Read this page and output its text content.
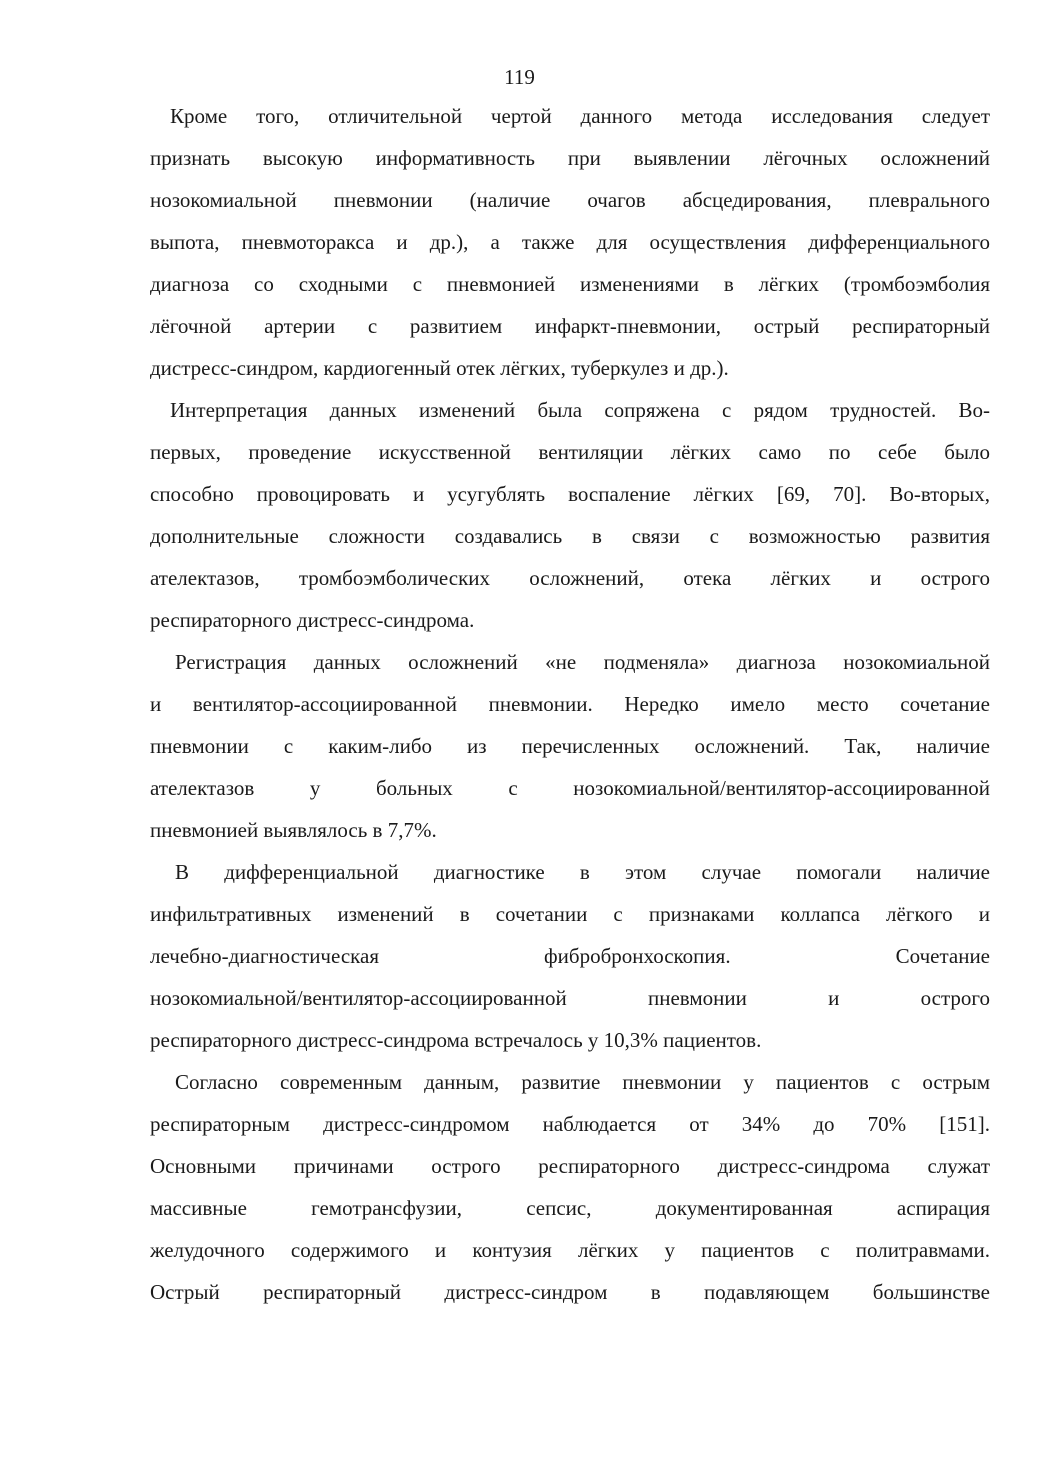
119
Кроме того, отличительной чертой данного метода исследования следует
признать высокую информативность при выявлении лёгочных осложнений
нозокомиальной пневмонии (наличие очагов абсцедирования, плеврального
выпота, пневмоторакса и др.), а также для осуществления дифференциального
диагноза со сходными с пневмонией изменениями в лёгких (тромбоэмболия
лёгочной артерии с развитием инфаркт-пневмонии, острый респираторный
дистресс-синдром, кардиогенный отек лёгких, туберкулез и др.).
Интерпретация данных изменений была сопряжена с рядом трудностей. Во-
первых, проведение искусственной вентиляции лёгких само по себе было
способно провоцировать и усугублять воспаление лёгких [69, 70]. Во-вторых,
дополнительные сложности создавались в связи с возможностью развития
ателектазов, тромбоэмболических осложнений, отека лёгких и острого
респираторного дистресс-синдрома.
Регистрация данных осложнений «не подменяла» диагноза нозокомиальной
и вентилятор-ассоциированной пневмонии. Нередко имело место сочетание
пневмонии с каким-либо из перечисленных осложнений. Так, наличие
ателектазов у больных с нозокомиальной/вентилятор-ассоциированной
пневмонией выявлялось в 7,7%.
В дифференциальной диагностике в этом случае помогали наличие
инфильтративных изменений в сочетании с признаками коллапса лёгкого и
лечебно-диагностическая фибробронхоскопия. Сочетание
нозокомиальной/вентилятор-ассоциированной пневмонии и острого
респираторного дистресс-синдрома встречалось у 10,3% пациентов.
Согласно современным данным, развитие пневмонии у пациентов с острым
респираторным дистресс-синдромом наблюдается от 34% до 70% [151].
Основными причинами острого респираторного дистресс-синдрома служат
массивные гемотрансфузии, сепсис, документированная аспирация
желудочного содержимого и контузия лёгких у пациентов с политравмами.
Острый респираторный дистресс-синдром в подавляющем большинстве
